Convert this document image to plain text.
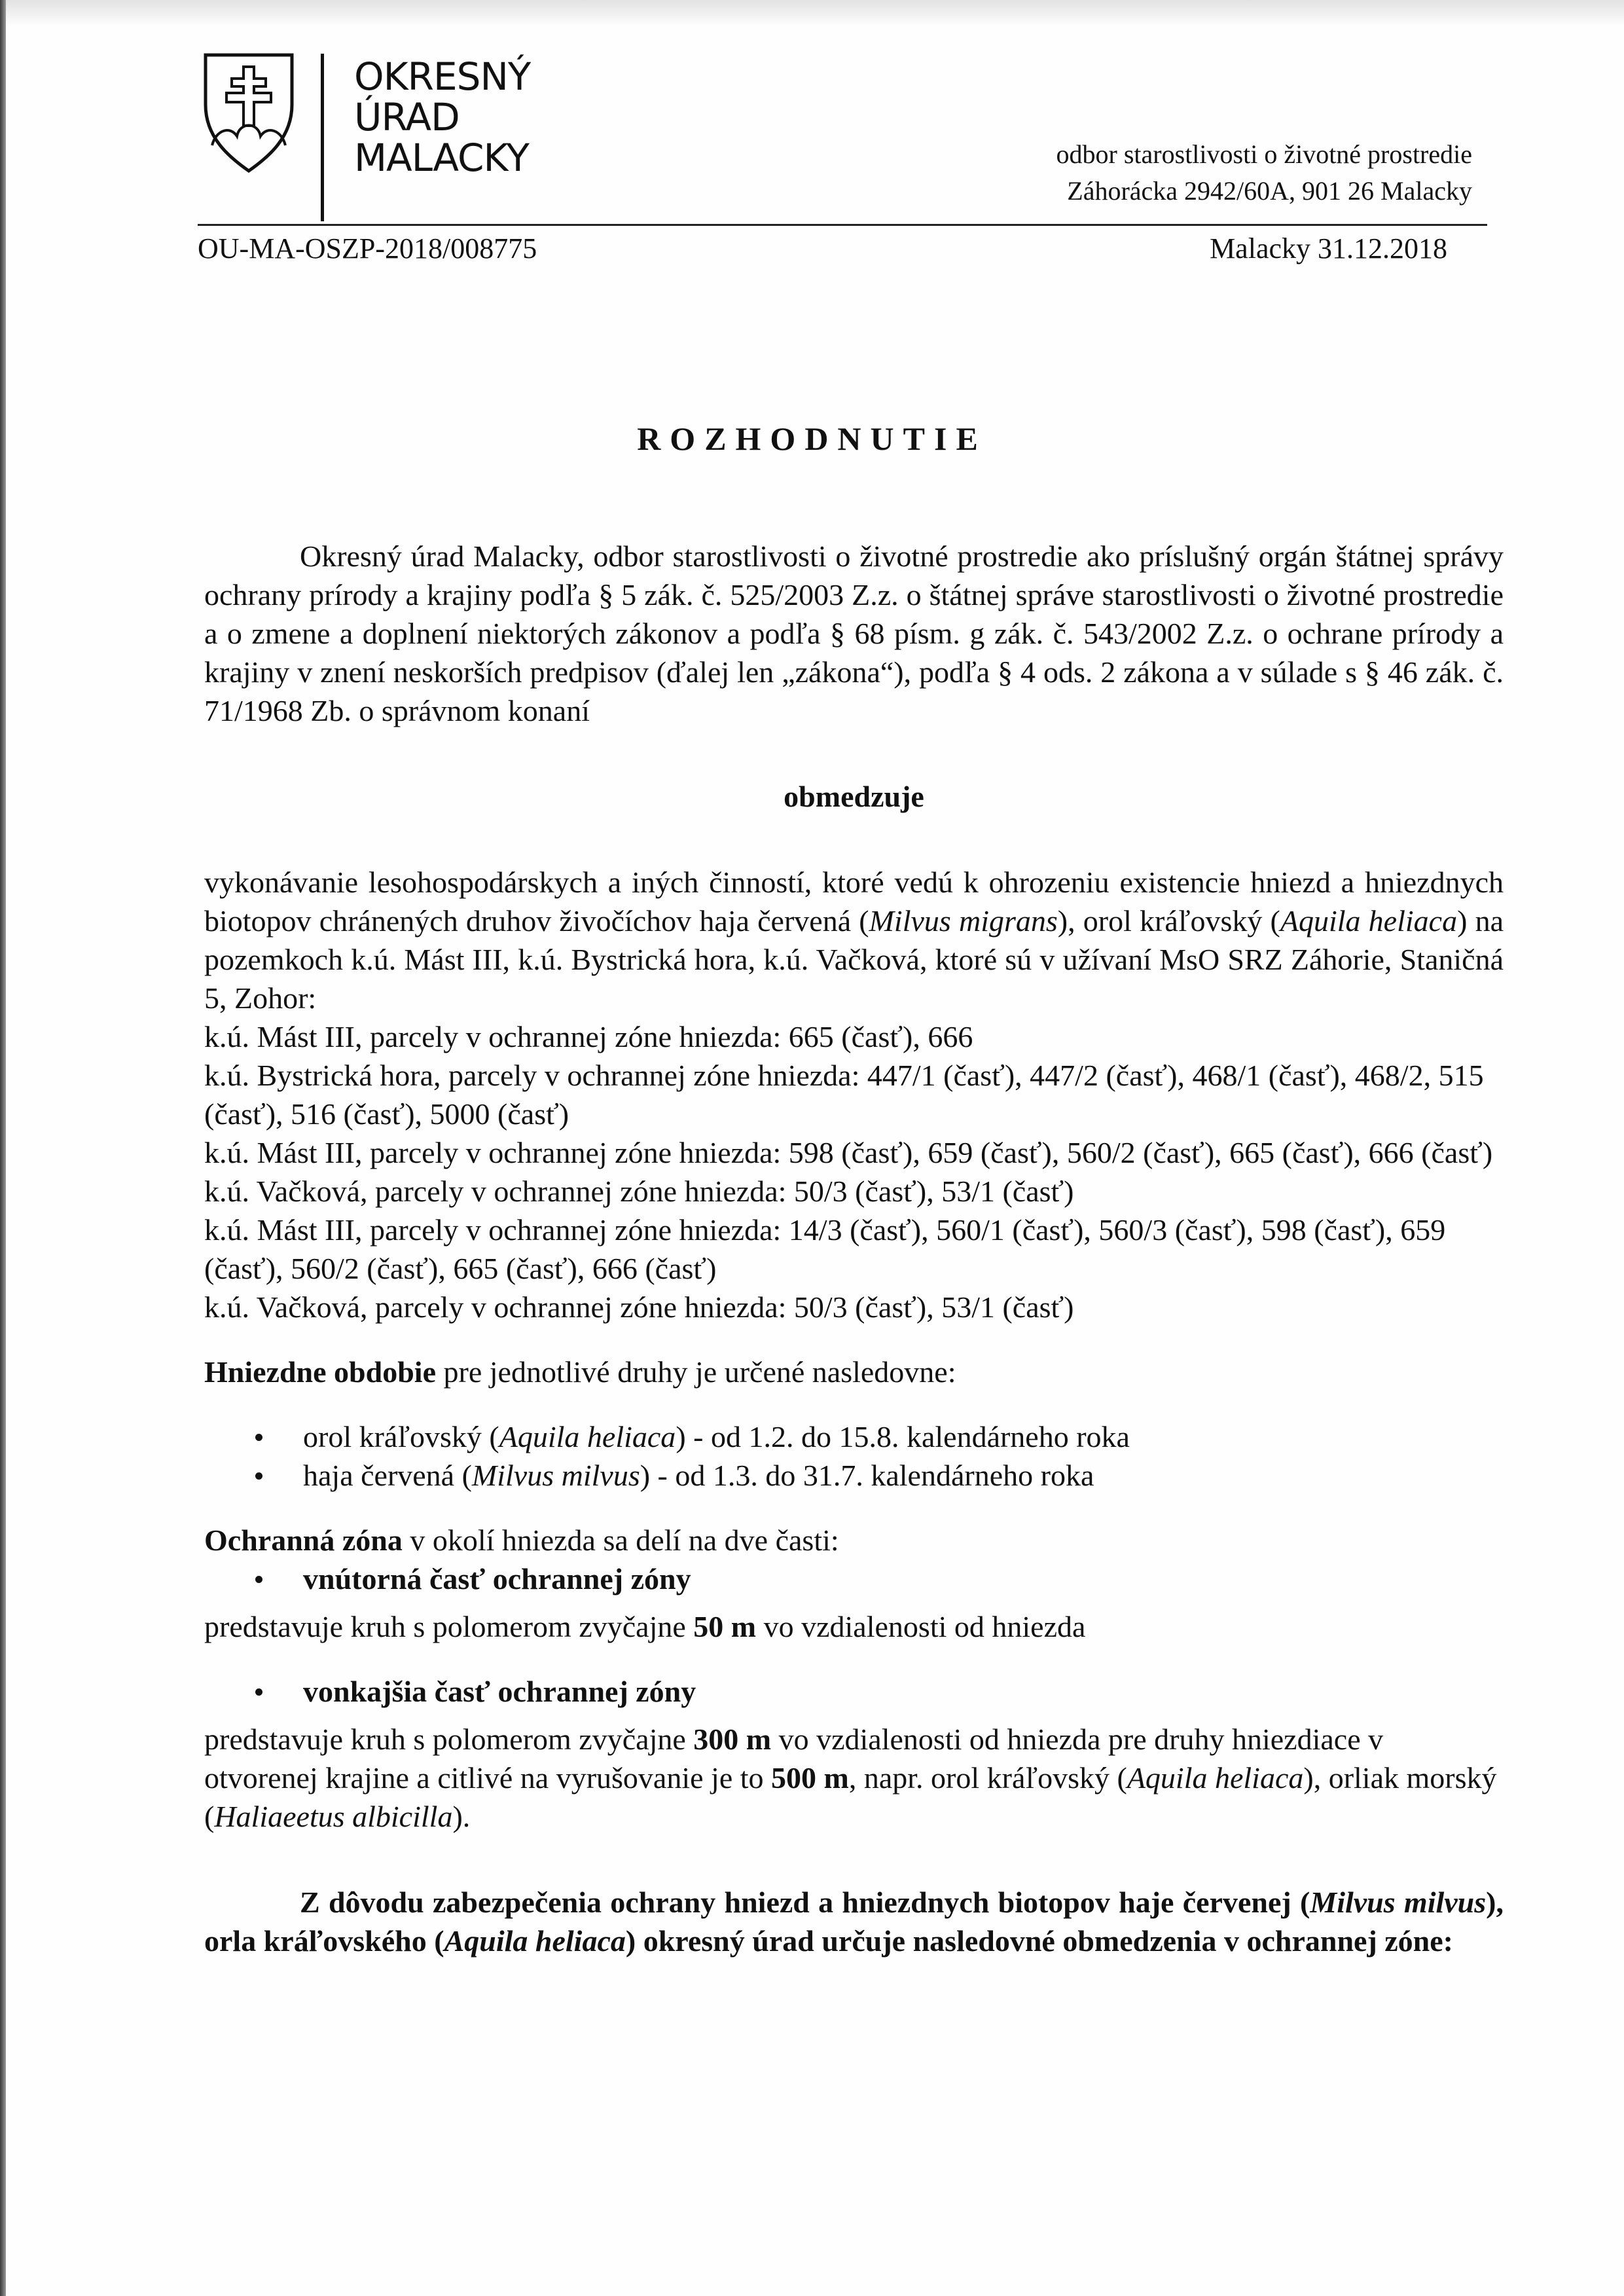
OKRESNÝ
ÚRAD
MALACKY	odbor starostlivosti o životné prostredie
Záhorácka 2942/60A, 901 26 Malacky
OU-MA-OSZP-2018/008775	Malacky 31.12.2018
ROZHODNUTIE

Okresný úrad Malacky, odbor starostlivosti o životné prostredie ako príslušný orgán štátnej správy ochrany prírody a krajiny podľa § 5 zák. č. 525/2003 Z.z. o štátnej správe starostlivosti o životné prostredie a o zmene a doplnení niektorých zákonov a podľa § 68 písm. g zák. č. 543/2002 Z.z. o ochrane prírody a krajiny v znení neskorších predpisov (ďalej len „zákona“), podľa § 4 ods. 2 zákona a v súlade s § 46 zák. č. 71/1968 Zb. o správnom konaní

obmedzuje

vykonávanie lesohospodárskych a iných činností, ktoré vedú k ohrozeniu existencie hniezd a hniezdnych biotopov chránených druhov živočíchov haja červená (Milvus migrans), orol kráľovský (Aquila heliaca) na pozemkoch k.ú. Mást III, k.ú. Bystrická hora, k.ú. Vačková, ktoré sú v užívaní MsO SRZ Záhorie, Staničná 5, Zohor:

k.ú. Mást III, parcely v ochrannej zóne hniezda: 665 (časť), 666

k.ú. Bystrická hora, parcely v ochrannej zóne hniezda: 447/1 (časť), 447/2 (časť), 468/1 (časť), 468/2, 515 (časť), 516 (časť), 5000 (časť)

k.ú. Mást III, parcely v ochrannej zóne hniezda: 598 (časť), 659 (časť), 560/2 (časť), 665 (časť), 666 (časť)

k.ú. Vačková, parcely v ochrannej zóne hniezda: 50/3 (časť), 53/1 (časť)

k.ú. Mást III, parcely v ochrannej zóne hniezda: 14/3 (časť), 560/1 (časť), 560/3 (časť), 598 (časť), 659 (časť), 560/2 (časť), 665 (časť), 666 (časť)

k.ú. Vačková, parcely v ochrannej zóne hniezda: 50/3 (časť), 53/1 (časť)

Hniezdne obdobie pre jednotlivé druhy je určené nasledovne:

orol kráľovský (Aquila heliaca) - od 1.2. do 15.8. kalendárneho roka
haja červená (Milvus milvus) - od 1.3. do 31.7. kalendárneho roka

Ochranná zóna v okolí hniezda sa delí na dve časti:

vnútorná časť ochrannej zóny

predstavuje kruh s polomerom zvyčajne 50 m vo vzdialenosti od hniezda

vonkajšia časť ochrannej zóny

predstavuje kruh s polomerom zvyčajne 300 m vo vzdialenosti od hniezda pre druhy hniezdiace v otvorenej krajine a citlivé na vyrušovanie je to 500 m, napr. orol kráľovský (Aquila heliaca), orliak morský (Haliaeetus albicilla).

Z dôvodu zabezpečenia ochrany hniezd a hniezdnych biotopov haje červenej (Milvus milvus), orla kráľovského (Aquila heliaca) okresný úrad určuje nasledovné obmedzenia v ochrannej zóne:
